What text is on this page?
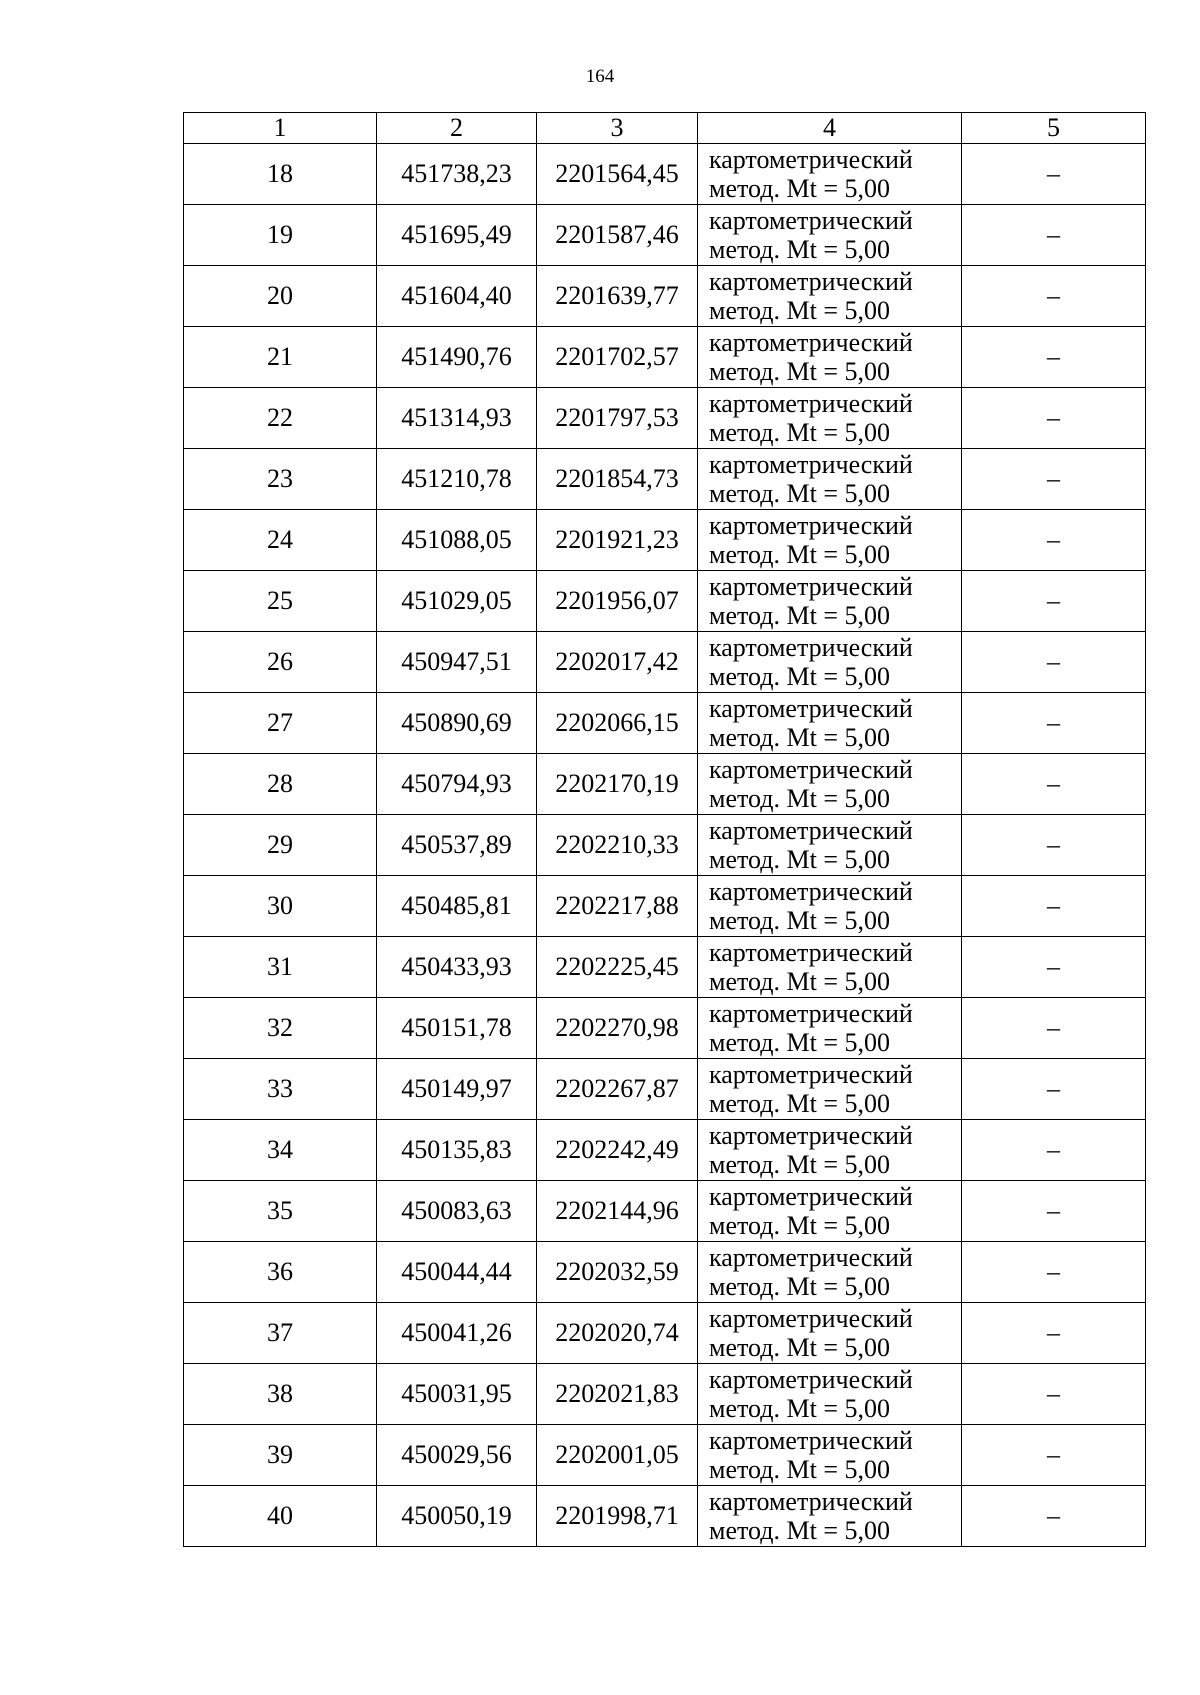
164
1	2	3	4	5
18	451738,23	2201564,45	картометрический
метод. Mt = 5,00	–
19	451695,49	2201587,46	картометрический
метод. Mt = 5,00	–
20	451604,40	2201639,77	картометрический
метод. Mt = 5,00	–
21	451490,76	2201702,57	картометрический
метод. Mt = 5,00	–
22	451314,93	2201797,53	картометрический
метод. Mt = 5,00	–
23	451210,78	2201854,73	картометрический
метод. Mt = 5,00	–
24	451088,05	2201921,23	картометрический
метод. Mt = 5,00	–
25	451029,05	2201956,07	картометрический
метод. Mt = 5,00	–
26	450947,51	2202017,42	картометрический
метод. Mt = 5,00	–
27	450890,69	2202066,15	картометрический
метод. Mt = 5,00	–
28	450794,93	2202170,19	картометрический
метод. Mt = 5,00	–
29	450537,89	2202210,33	картометрический
метод. Mt = 5,00	–
30	450485,81	2202217,88	картометрический
метод. Mt = 5,00	–
31	450433,93	2202225,45	картометрический
метод. Mt = 5,00	–
32	450151,78	2202270,98	картометрический
метод. Mt = 5,00	–
33	450149,97	2202267,87	картометрический
метод. Mt = 5,00	–
34	450135,83	2202242,49	картометрический
метод. Mt = 5,00	–
35	450083,63	2202144,96	картометрический
метод. Mt = 5,00	–
36	450044,44	2202032,59	картометрический
метод. Mt = 5,00	–
37	450041,26	2202020,74	картометрический
метод. Mt = 5,00	–
38	450031,95	2202021,83	картометрический
метод. Mt = 5,00	–
39	450029,56	2202001,05	картометрический
метод. Mt = 5,00	–
40	450050,19	2201998,71	картометрический
метод. Mt = 5,00	–
